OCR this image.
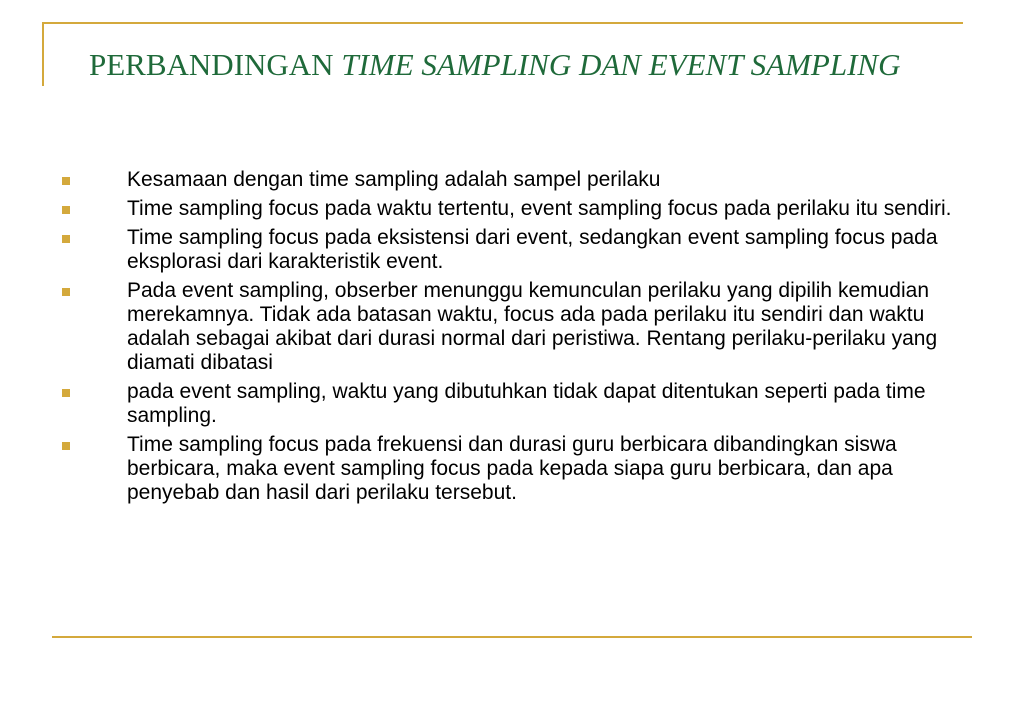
PERBANDINGAN TIME SAMPLING DAN EVENT SAMPLING
Kesamaan dengan time sampling adalah sampel perilaku
Time sampling focus pada waktu tertentu, event sampling focus pada perilaku itu sendiri.
Time sampling focus pada eksistensi dari event, sedangkan event sampling focus pada eksplorasi dari karakteristik event.
Pada event sampling, obserber menunggu kemunculan perilaku yang dipilih kemudian merekamnya. Tidak ada batasan waktu, focus ada pada perilaku itu sendiri dan waktu adalah sebagai akibat dari durasi normal dari peristiwa. Rentang perilaku-perilaku yang diamati dibatasi
pada event sampling, waktu yang dibutuhkan tidak dapat ditentukan seperti pada time sampling.
Time sampling focus pada frekuensi dan durasi guru berbicara dibandingkan siswa berbicara, maka event sampling focus pada kepada siapa guru berbicara, dan apa penyebab dan hasil dari perilaku tersebut.
